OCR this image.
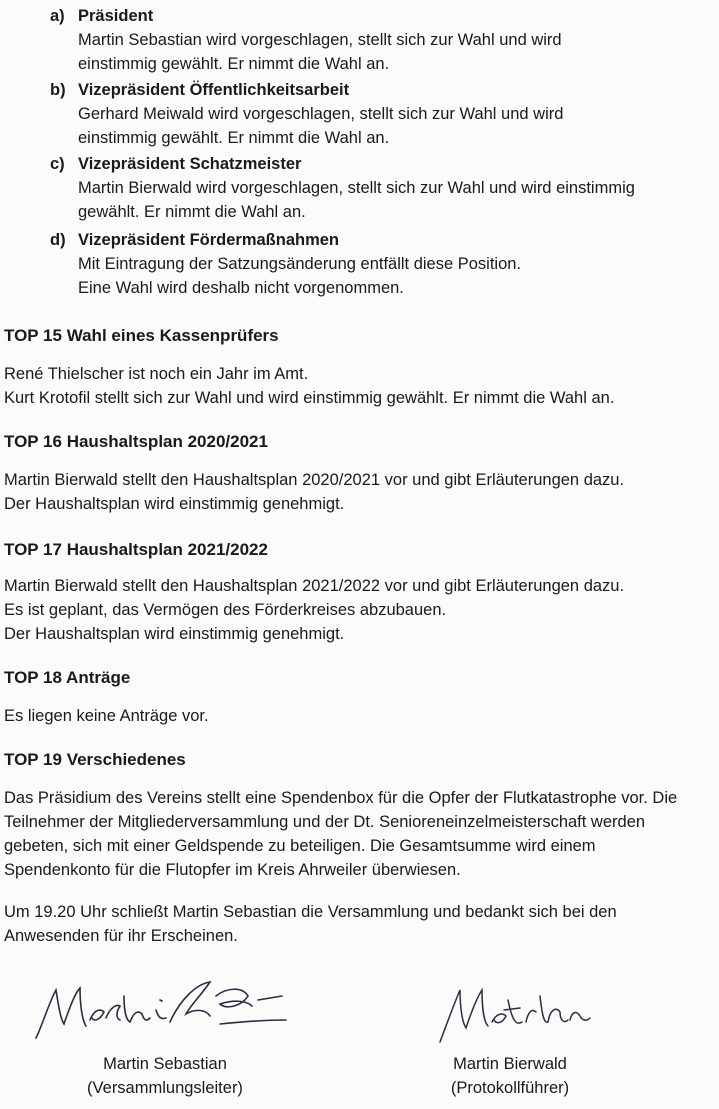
a) Präsident
Martin Sebastian wird vorgeschlagen, stellt sich zur Wahl und wird
einstimmig gewählt. Er nimmt die Wahl an.
b) Vizepräsident Öffentlichkeitsarbeit
Gerhard Meiwald wird vorgeschlagen, stellt sich zur Wahl und wird
einstimmig gewählt. Er nimmt die Wahl an.
c) Vizepräsident Schatzmeister
Martin Bierwald wird vorgeschlagen, stellt sich zur Wahl und wird einstimmig
gewählt. Er nimmt die Wahl an.
d) Vizepräsident Fördermaßnahmen
Mit Eintragung der Satzungsänderung entfällt diese Position.
Eine Wahl wird deshalb nicht vorgenommen.
TOP 15 Wahl eines Kassenprüfers
René Thielscher ist noch ein Jahr im Amt.
Kurt Krotofil stellt sich zur Wahl und wird einstimmig gewählt. Er nimmt die Wahl an.
TOP 16 Haushaltsplan 2020/2021
Martin Bierwald stellt den Haushaltsplan 2020/2021 vor und gibt Erläuterungen dazu.
Der Haushaltsplan wird einstimmig genehmigt.
TOP 17 Haushaltsplan 2021/2022
Martin Bierwald stellt den Haushaltsplan 2021/2022 vor und gibt Erläuterungen dazu.
Es ist geplant, das Vermögen des Förderkreises abzubauen.
Der Haushaltsplan wird einstimmig genehmigt.
TOP 18 Anträge
Es liegen keine Anträge vor.
TOP 19 Verschiedenes
Das Präsidium des Vereins stellt eine Spendenbox für die Opfer der Flutkatastrophe vor. Die
Teilnehmer der Mitgliederversammlung und der Dt. Senioreneinzelmeisterschaft werden
gebeten, sich mit einer Geldspende zu beteiligen. Die Gesamtsumme wird einem
Spendenkonto für die Flutopfer im Kreis Ahrweiler überwiesen.
Um 19.20 Uhr schließt Martin Sebastian die Versammlung und bedankt sich bei den
Anwesenden für ihr Erscheinen.
Martin Sebastian
(Versammlungsleiter)
Martin Bierwald
(Protokollführer)
